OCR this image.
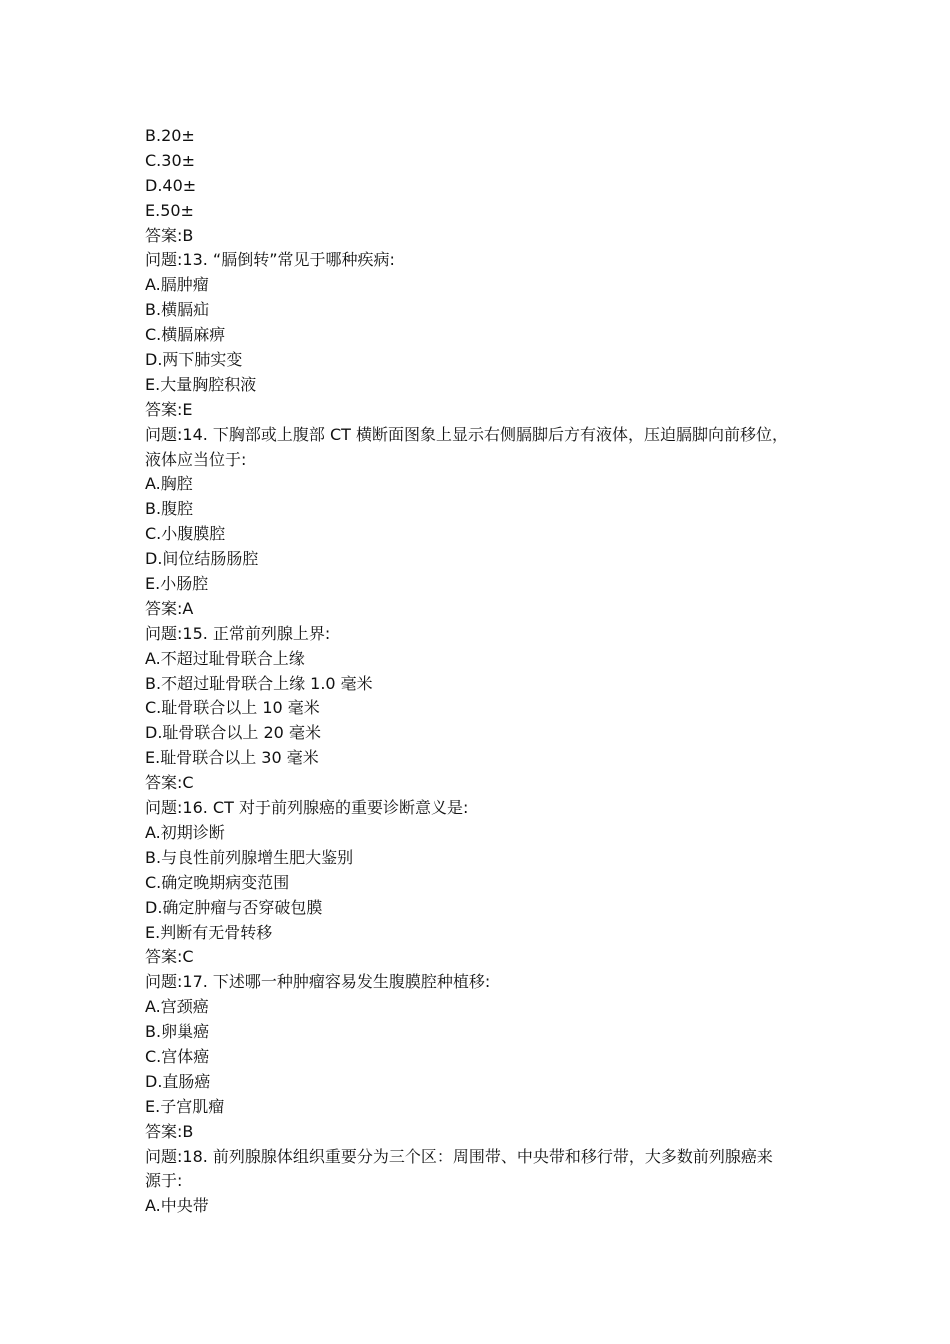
B.20±

C.30±

D.40±

E.50±

答案:B

问题:13. “膈倒转”常见于哪种疾病:

A.膈肿瘤

B.横膈疝

C.横膈麻痹

D.两下肺实变

E.大量胸腔积液

答案:E

问题:14. 下胸部或上腹部 CT 横断面图象上显示右侧膈脚后方有液体，压迫膈脚向前移位，

液体应当位于:

A.胸腔

B.腹腔

C.小腹膜腔

D.间位结肠肠腔

E.小肠腔

答案:A

问题:15. 正常前列腺上界:

A.不超过耻骨联合上缘

B.不超过耻骨联合上缘 1.0 毫米

C.耻骨联合以上 10 毫米

D.耻骨联合以上 20 毫米

E.耻骨联合以上 30 毫米

答案:C

问题:16. CT 对于前列腺癌的重要诊断意义是:

A.初期诊断

B.与良性前列腺增生肥大鉴别

C.确定晚期病变范围

D.确定肿瘤与否穿破包膜

E.判断有无骨转移

答案:C

问题:17. 下述哪一种肿瘤容易发生腹膜腔种植移:

A.宫颈癌

B.卵巢癌

C.宫体癌

D.直肠癌

E.子宫肌瘤

答案:B

问题:18. 前列腺腺体组织重要分为三个区：周围带、中央带和移行带，大多数前列腺癌来

源于:

A.中央带
